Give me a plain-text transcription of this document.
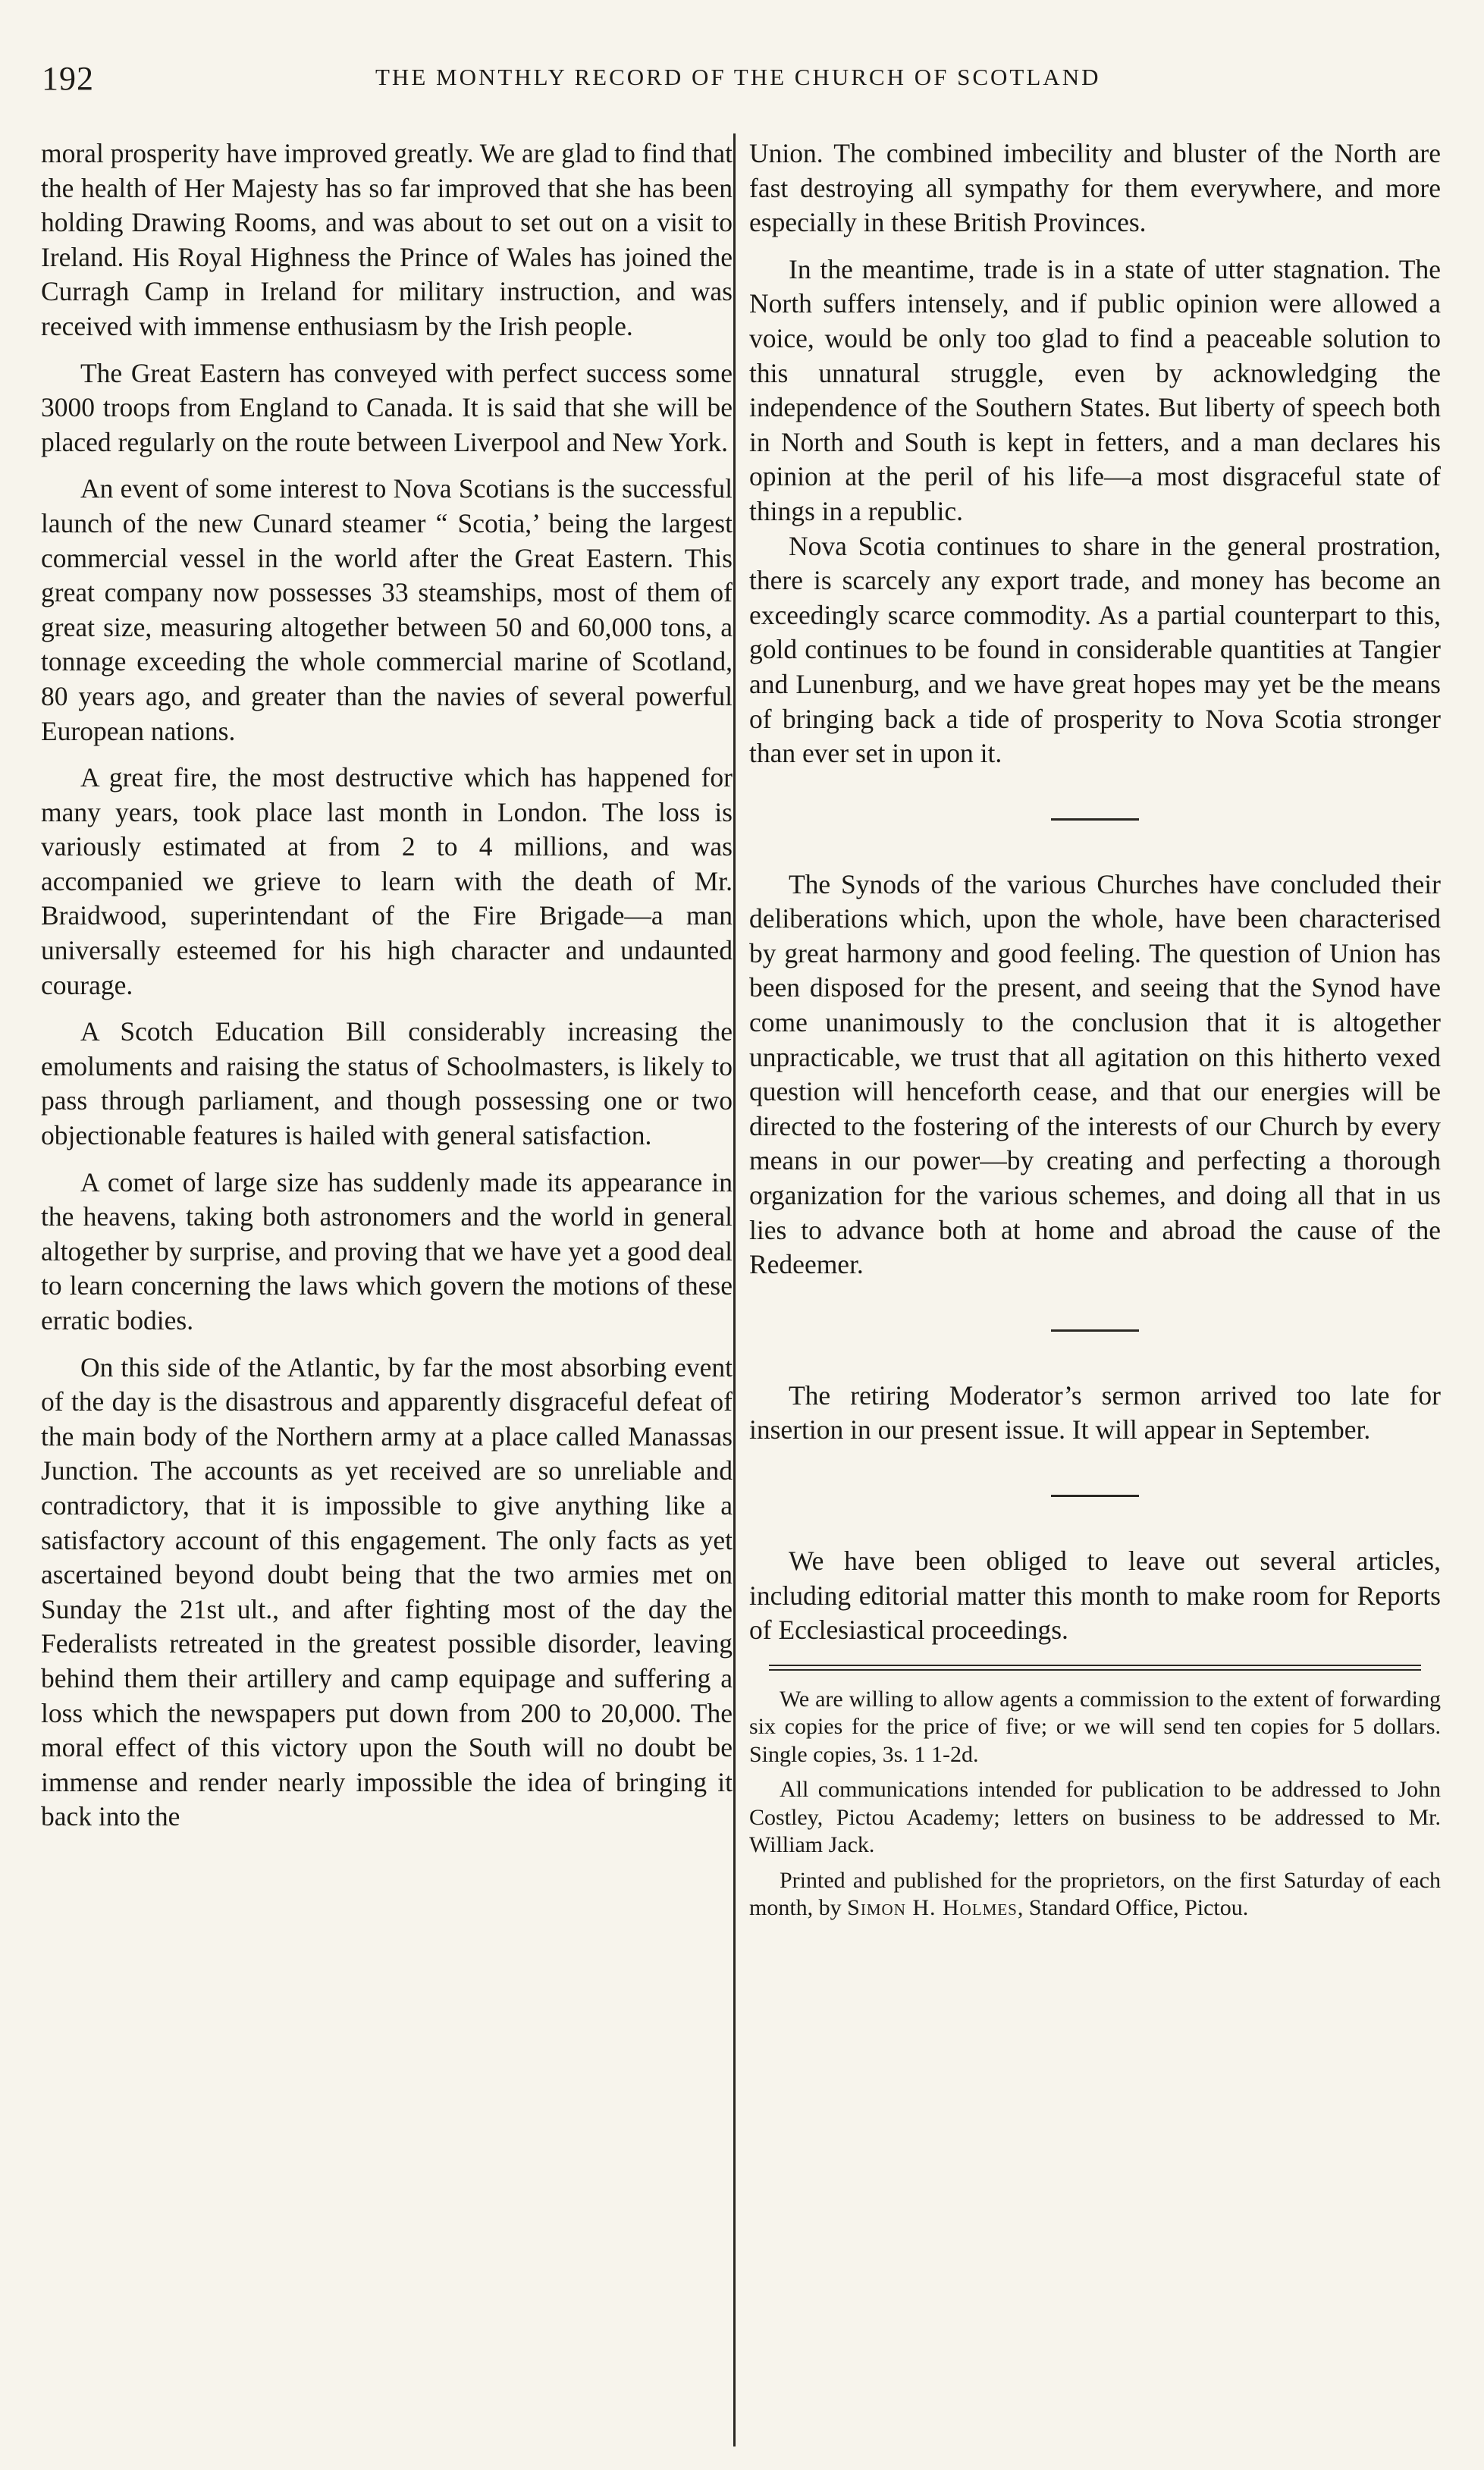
192	THE MONTHLY RECORD OF THE CHURCH OF SCOTLAND

moral prosperity have improved greatly. We are glad to find that the health of Her Majesty has so far improved that she has been holding Drawing Rooms, and was about to set out on a visit to Ireland. His Royal Highness the Prince of Wales has joined the Curragh Camp in Ireland for military instruction, and was received with immense enthusiasm by the Irish people.

The Great Eastern has conveyed with perfect success some 3000 troops from England to Canada. It is said that she will be placed regularly on the route between Liverpool and New York.

An event of some interest to Nova Scotians is the successful launch of the new Cunard steamer “ Scotia,’ being the largest commercial vessel in the world after the Great Eastern. This great company now possesses 33 steamships, most of them of great size, measuring altogether between 50 and 60,000 tons, a tonnage exceeding the whole commercial marine of Scotland, 80 years ago, and greater than the navies of several powerful European nations.

A great fire, the most destructive which has happened for many years, took place last month in London. The loss is variously estimated at from 2 to 4 millions, and was accompanied we grieve to learn with the death of Mr. Braidwood, superintendant of the Fire Brigade—a man universally esteemed for his high character and undaunted courage.

A Scotch Education Bill considerably increasing the emoluments and raising the status of Schoolmasters, is likely to pass through parliament, and though possessing one or two objectionable features is hailed with general satisfaction.

A comet of large size has suddenly made its appearance in the heavens, taking both astronomers and the world in general altogether by surprise, and proving that we have yet a good deal to learn concerning the laws which govern the motions of these erratic bodies.

On this side of the Atlantic, by far the most absorbing event of the day is the disastrous and apparently disgraceful defeat of the main body of the Northern army at a place called Manassas Junction. The accounts as yet received are so unreliable and contradictory, that it is impossible to give anything like a satisfactory account of this engagement. The only facts as yet ascertained beyond doubt being that the two armies met on Sunday the 21st ult., and after fighting most of the day the Federalists retreated in the greatest possible disorder, leaving behind them their artillery and camp equipage and suffering a loss which the newspapers put down from 200 to 20,000. The moral effect of this victory upon the South will no doubt be immense and render nearly impossible the idea of bringing it back into the

Union. The combined imbecility and bluster of the North are fast destroying all sympathy for them everywhere, and more especially in these British Provinces.

In the meantime, trade is in a state of utter stagnation. The North suffers intensely, and if public opinion were allowed a voice, would be only too glad to find a peaceable solution to this unnatural struggle, even by acknowledging the independence of the Southern States. But liberty of speech both in North and South is kept in fetters, and a man declares his opinion at the peril of his life—a most disgraceful state of things in a republic.

Nova Scotia continues to share in the general prostration, there is scarcely any export trade, and money has become an exceedingly scarce commodity. As a partial counterpart to this, gold continues to be found in considerable quantities at Tangier and Lunenburg, and we have great hopes may yet be the means of bringing back a tide of prosperity to Nova Scotia stronger than ever set in upon it.

The Synods of the various Churches have concluded their deliberations which, upon the whole, have been characterised by great harmony and good feeling. The question of Union has been disposed for the present, and seeing that the Synod have come unanimously to the conclusion that it is altogether unpracticable, we trust that all agitation on this hitherto vexed question will henceforth cease, and that our energies will be directed to the fostering of the interests of our Church by every means in our power—by creating and perfecting a thorough organization for the various schemes, and doing all that in us lies to advance both at home and abroad the cause of the Redeemer.

The retiring Moderator’s sermon arrived too late for insertion in our present issue. It will appear in September.

We have been obliged to leave out several articles, including editorial matter this month to make room for Reports of Ecclesiastical proceedings.

We are willing to allow agents a commission to the extent of forwarding six copies for the price of five; or we will send ten copies for 5 dollars. Single copies, 3s. 1 1-2d.

All communications intended for publication to be addressed to John Costley, Pictou Academy; letters on business to be addressed to Mr. William Jack.

Printed and published for the proprietors, on the first Saturday of each month, by Simon H. Holmes, Standard Office, Pictou.
